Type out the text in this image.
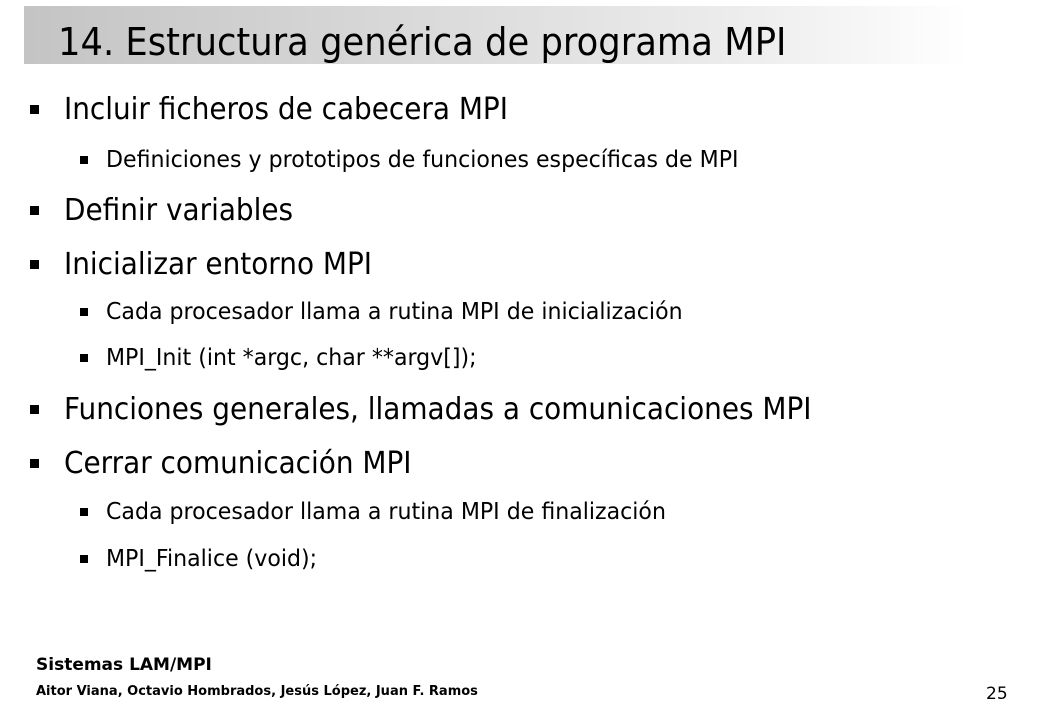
14. Estructura genérica de programa MPI
Incluir ficheros de cabecera MPI
Definiciones y prototipos de funciones específicas de MPI
Definir variables
Inicializar entorno MPI
Cada procesador llama a rutina MPI de inicialización
MPI_Init (int *argc, char **argv[]);
Funciones generales, llamadas a comunicaciones MPI
Cerrar comunicación MPI
Cada procesador llama a rutina MPI de finalización
MPI_Finalice (void);
Sistemas LAM/MPI
Aitor Viana, Octavio Hombrados, Jesús López, Juan F. Ramos	25
